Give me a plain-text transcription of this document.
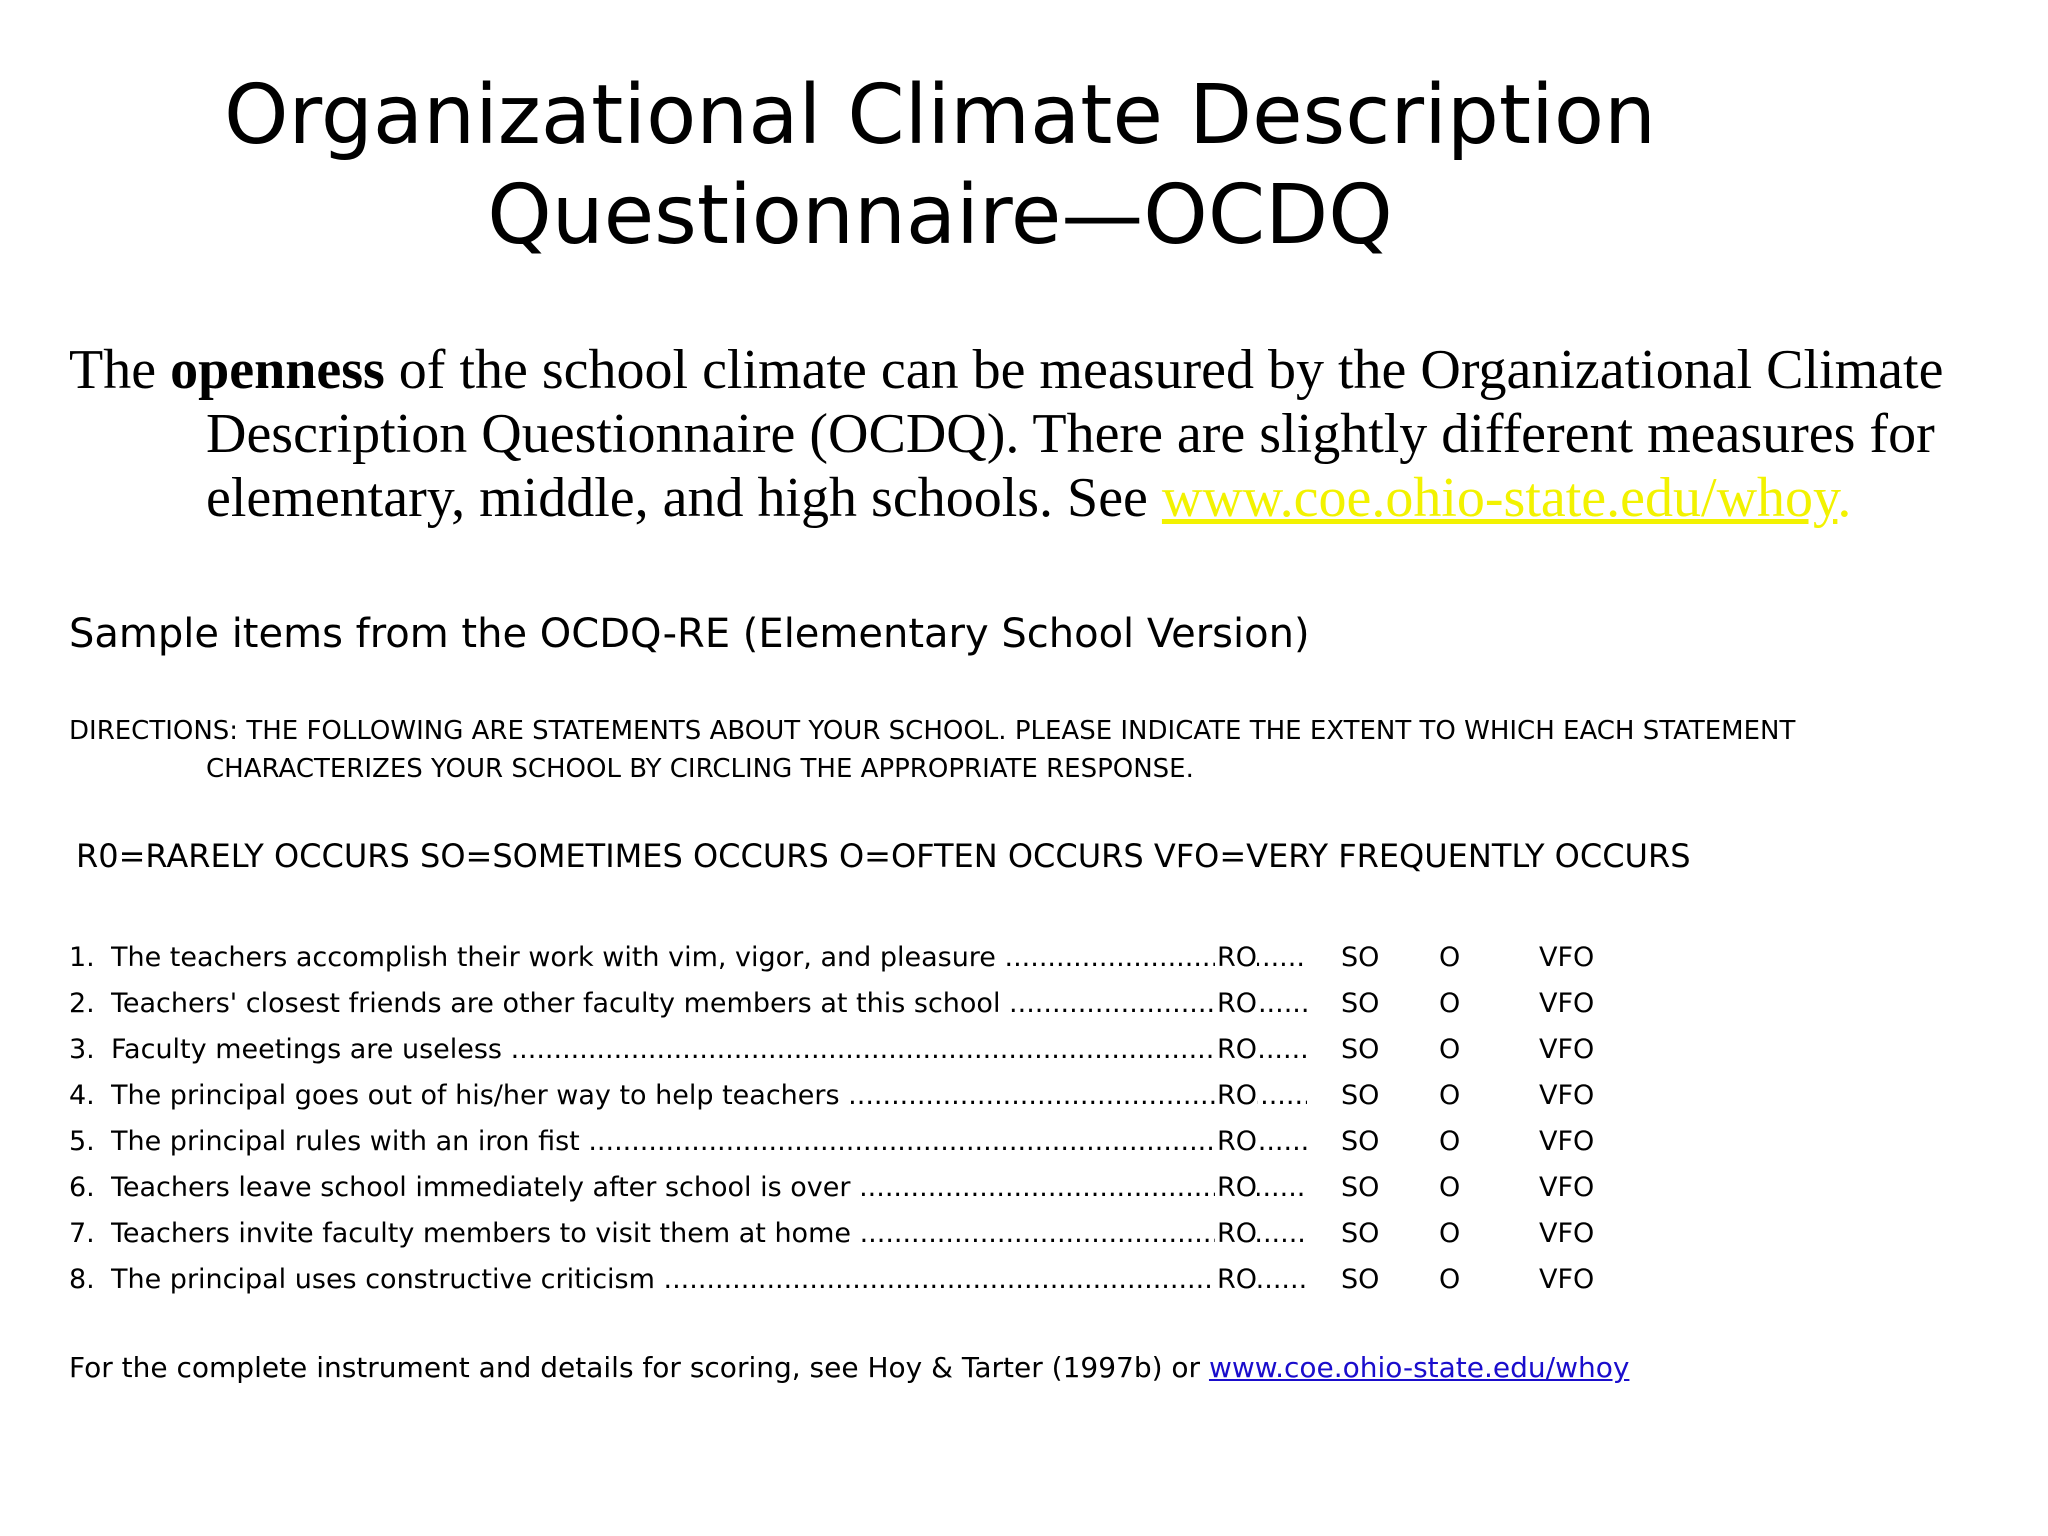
Organizational Climate Description
Questionnaire—OCDQ

The openness of the school climate can be measured by the Organizational Climate
Description Questionnaire (OCDQ). There are slightly different measures for
elementary, middle, and high schools. See www.coe.ohio-state.edu/whoy.

Sample items from the OCDQ-RE (Elementary School Version)

DIRECTIONS: THE FOLLOWING ARE STATEMENTS ABOUT YOUR SCHOOL. PLEASE INDICATE THE EXTENT TO WHICH EACH STATEMENT
CHARACTERIZES YOUR SCHOOL BY CIRCLING THE APPROPRIATE RESPONSE.

R0=RARELY OCCURS SO=SOMETIMES OCCURS O=OFTEN OCCURS VFO=VERY FREQUENTLY OCCURS

1. The teachers accomplish their work with vim, vigor, and pleasure .....	RO	SO O	VFO
2. Teachers' closest friends are other faculty members at this school .....	RO	SO O	VFO
3. Faculty meetings are useless .....	RO	SO O	VFO
4. The principal goes out of his/her way to help teachers .....	RO	SO O	VFO
5. The principal rules with an iron fist .....	RO	SO O	VFO
6. Teachers leave school immediately after school is over .....	RO	SO O	VFO
7. Teachers invite faculty members to visit them at home .....	RO	SO O	VFO
8. The principal uses constructive criticism .....	RO	SO O	VFO

For the complete instrument and details for scoring, see Hoy & Tarter (1997b) or www.coe.ohio-state.edu/whoy
